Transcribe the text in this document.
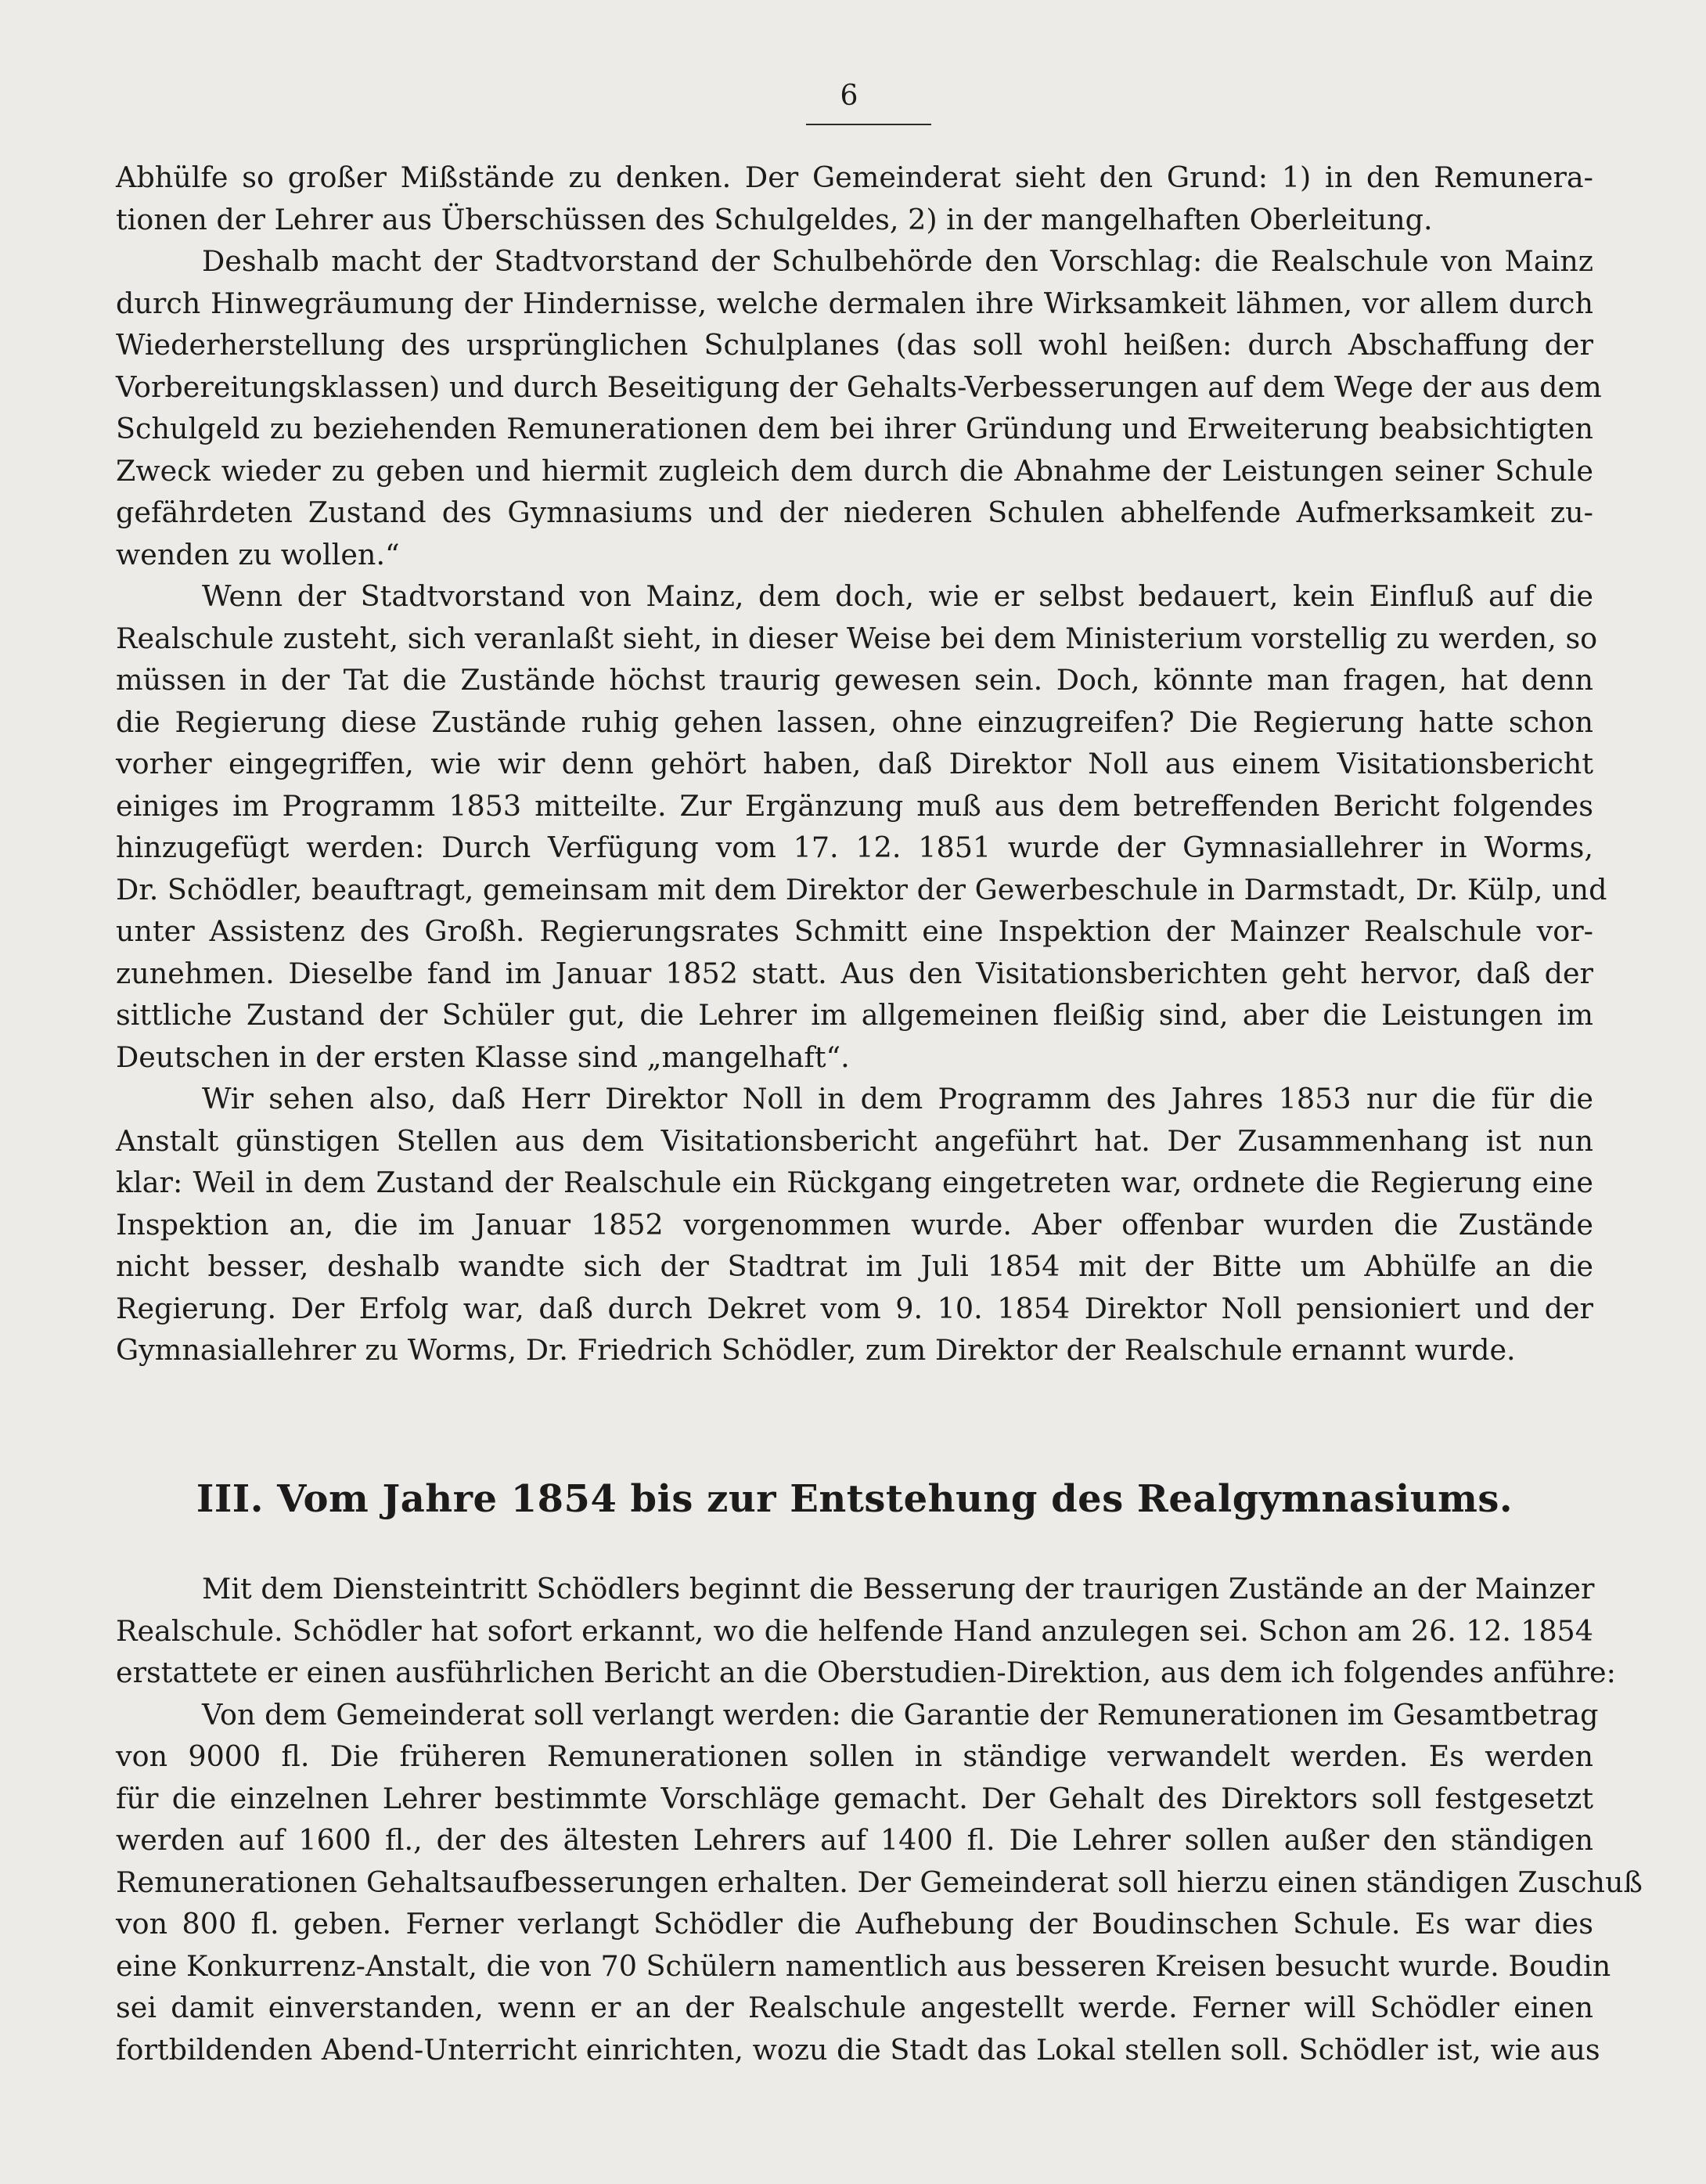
6
Abhülfe so großer Mißstände zu denken. Der Gemeinderat sieht den Grund: 1) in den Remunera-
tionen der Lehrer aus Überschüssen des Schulgeldes, 2) in der mangelhaften Oberleitung.
Deshalb macht der Stadtvorstand der Schulbehörde den Vorschlag: die Realschule von Mainz
durch Hinwegräumung der Hindernisse, welche dermalen ihre Wirksamkeit lähmen, vor allem durch
Wiederherstellung des ursprünglichen Schulplanes (das soll wohl heißen: durch Abschaffung der
Vorbereitungsklassen) und durch Beseitigung der Gehalts-Verbesserungen auf dem Wege der aus dem
Schulgeld zu beziehenden Remunerationen dem bei ihrer Gründung und Erweiterung beabsichtigten
Zweck wieder zu geben und hiermit zugleich dem durch die Abnahme der Leistungen seiner Schule
gefährdeten Zustand des Gymnasiums und der niederen Schulen abhelfende Aufmerksamkeit zu-
wenden zu wollen.“
Wenn der Stadtvorstand von Mainz, dem doch, wie er selbst bedauert, kein Einfluß auf die
Realschule zusteht, sich veranlaßt sieht, in dieser Weise bei dem Ministerium vorstellig zu werden, so
müssen in der Tat die Zustände höchst traurig gewesen sein. Doch, könnte man fragen, hat denn
die Regierung diese Zustände ruhig gehen lassen, ohne einzugreifen? Die Regierung hatte schon
vorher eingegriffen, wie wir denn gehört haben, daß Direktor Noll aus einem Visitationsbericht
einiges im Programm 1853 mitteilte. Zur Ergänzung muß aus dem betreffenden Bericht folgendes
hinzugefügt werden: Durch Verfügung vom 17. 12. 1851 wurde der Gymnasiallehrer in Worms,
Dr. Schödler, beauftragt, gemeinsam mit dem Direktor der Gewerbeschule in Darmstadt, Dr. Külp, und
unter Assistenz des Großh. Regierungsrates Schmitt eine Inspektion der Mainzer Realschule vor-
zunehmen. Dieselbe fand im Januar 1852 statt. Aus den Visitationsberichten geht hervor, daß der
sittliche Zustand der Schüler gut, die Lehrer im allgemeinen fleißig sind, aber die Leistungen im
Deutschen in der ersten Klasse sind „mangelhaft“.
Wir sehen also, daß Herr Direktor Noll in dem Programm des Jahres 1853 nur die für die
Anstalt günstigen Stellen aus dem Visitationsbericht angeführt hat. Der Zusammenhang ist nun
klar: Weil in dem Zustand der Realschule ein Rückgang eingetreten war, ordnete die Regierung eine
Inspektion an, die im Januar 1852 vorgenommen wurde. Aber offenbar wurden die Zustände
nicht besser, deshalb wandte sich der Stadtrat im Juli 1854 mit der Bitte um Abhülfe an die
Regierung. Der Erfolg war, daß durch Dekret vom 9. 10. 1854 Direktor Noll pensioniert und der
Gymnasiallehrer zu Worms, Dr. Friedrich Schödler, zum Direktor der Realschule ernannt wurde.
III. Vom Jahre 1854 bis zur Entstehung des Realgymnasiums.
Mit dem Diensteintritt Schödlers beginnt die Besserung der traurigen Zustände an der Mainzer
Realschule. Schödler hat sofort erkannt, wo die helfende Hand anzulegen sei. Schon am 26. 12. 1854
erstattete er einen ausführlichen Bericht an die Oberstudien-Direktion, aus dem ich folgendes anführe:
Von dem Gemeinderat soll verlangt werden: die Garantie der Remunerationen im Gesamtbetrag
von 9000 fl. Die früheren Remunerationen sollen in ständige verwandelt werden. Es werden
für die einzelnen Lehrer bestimmte Vorschläge gemacht. Der Gehalt des Direktors soll festgesetzt
werden auf 1600 fl., der des ältesten Lehrers auf 1400 fl. Die Lehrer sollen außer den ständigen
Remunerationen Gehaltsaufbesserungen erhalten. Der Gemeinderat soll hierzu einen ständigen Zuschuß
von 800 fl. geben. Ferner verlangt Schödler die Aufhebung der Boudinschen Schule. Es war dies
eine Konkurrenz-Anstalt, die von 70 Schülern namentlich aus besseren Kreisen besucht wurde. Boudin
sei damit einverstanden, wenn er an der Realschule angestellt werde. Ferner will Schödler einen
fortbildenden Abend-Unterricht einrichten, wozu die Stadt das Lokal stellen soll. Schödler ist, wie aus
